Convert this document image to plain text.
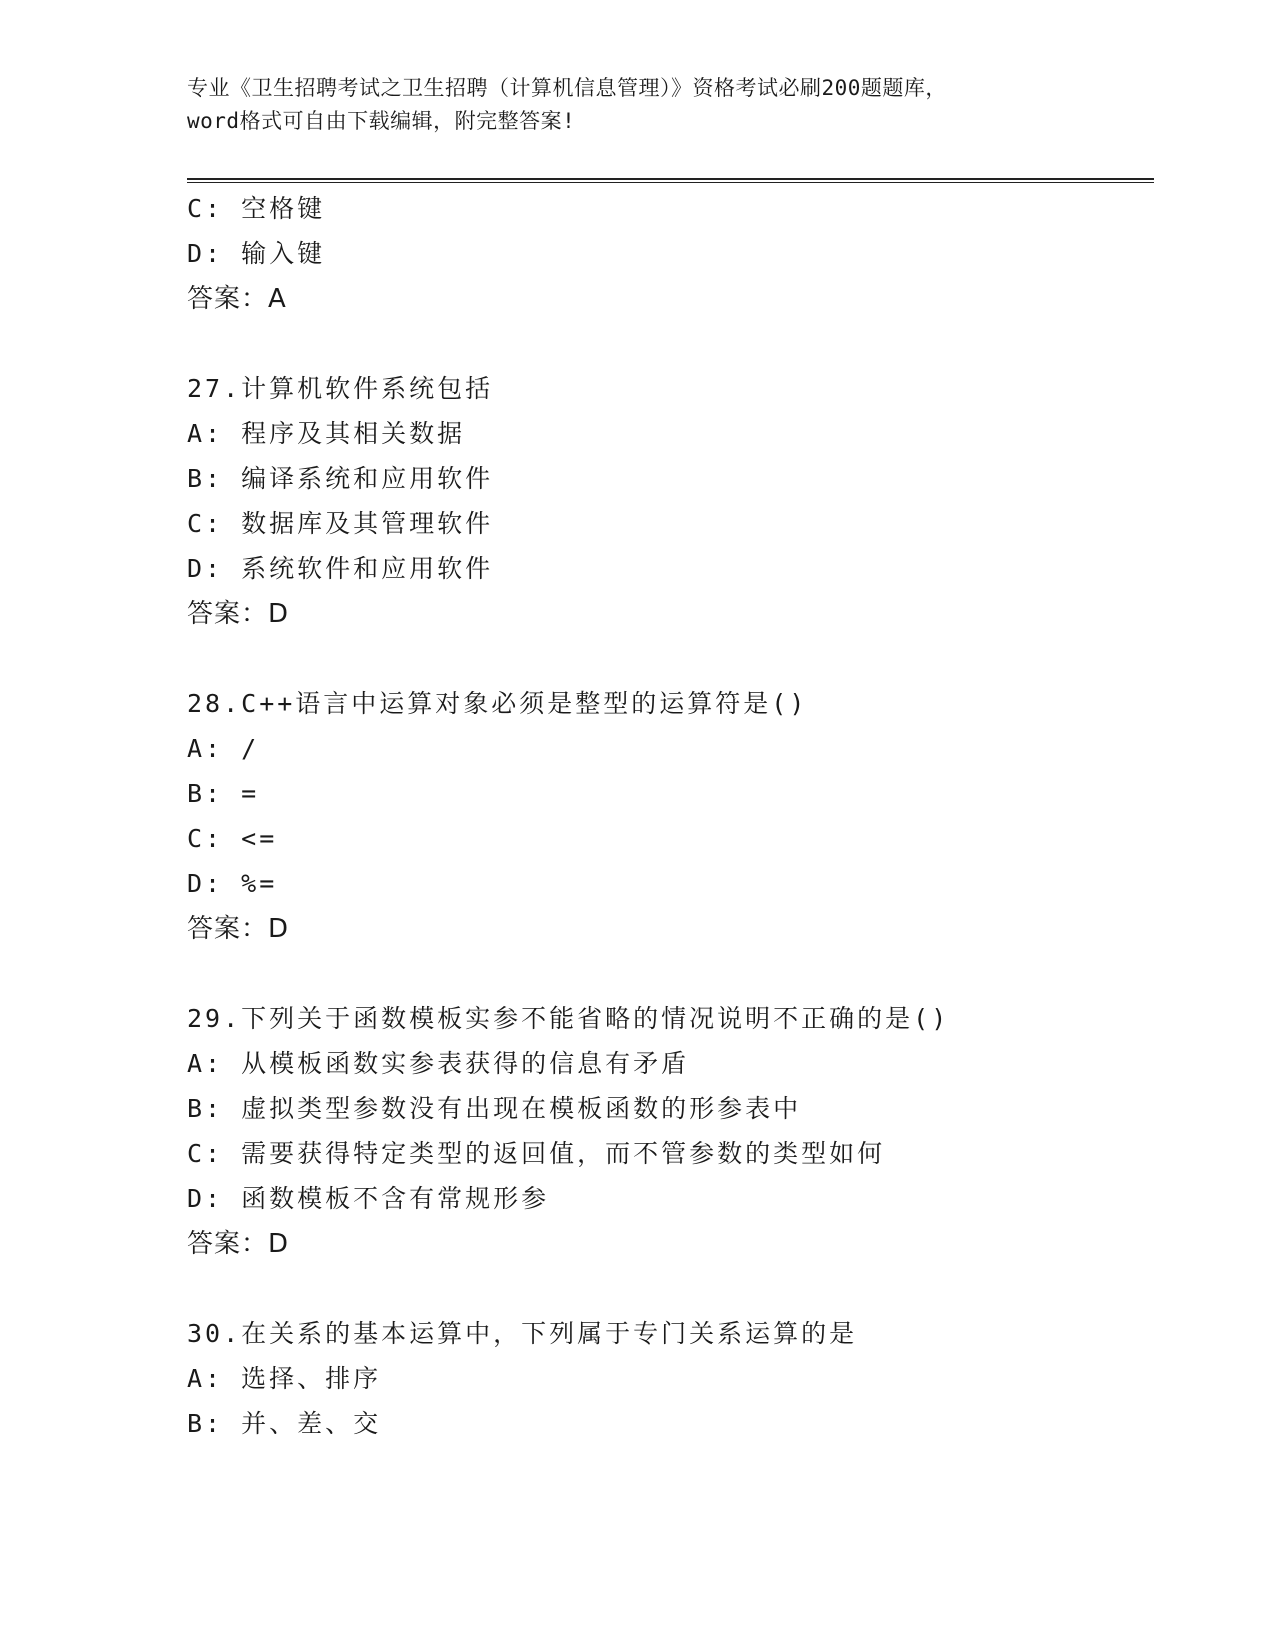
专业《卫生招聘考试之卫生招聘（计算机信息管理）》资格考试必刷200题题库，
word格式可自由下载编辑，附完整答案!
C: 空格键
D: 输入键
答案：A
27.计算机软件系统包括
A: 程序及其相关数据
B: 编译系统和应用软件
C: 数据库及其管理软件
D: 系统软件和应用软件
答案：D
28.C++语言中运算对象必须是整型的运算符是()
A: /
B: =
C: <=
D: %=
答案：D
29.下列关于函数模板实参不能省略的情况说明不正确的是()
A: 从模板函数实参表获得的信息有矛盾
B: 虚拟类型参数没有出现在模板函数的形参表中
C: 需要获得特定类型的返回值，而不管参数的类型如何
D: 函数模板不含有常规形参
答案：D
30.在关系的基本运算中，下列属于专门关系运算的是
A: 选择、排序
B: 并、差、交
